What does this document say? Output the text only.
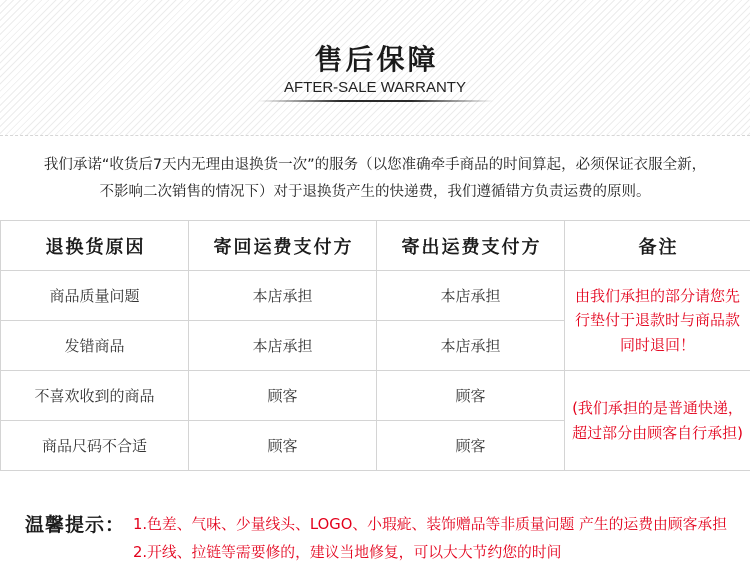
售后保障
AFTER-SALE WARRANTY
我们承诺“收货后7天内无理由退换货一次”的服务（以您准确牵手商品的时间算起，必须保证衣服全新，
不影响二次销售的情况下）对于退换货产生的快递费，我们遵循错方负责运费的原则。
退换货原因	寄回运费支付方	寄出运费支付方	备注
商品质量问题	本店承担	本店承担	由我们承担的部分请您先
行垫付于退款时与商品款
同时退回！

发错商品	本店承担	本店承担	
不喜欢收到的商品	顾客	顾客	(我们承担的是普通快递，
超过部分由顾客自行承担)

商品尺码不合适	顾客	顾客	
温馨提示： 1.色差、气味、少量线头、LOGO、小瑕疵、装饰赠品等非质量问题 产生的运费由顾客承担
2.开线、拉链等需要修的，建议当地修复，可以大大节约您的时间
